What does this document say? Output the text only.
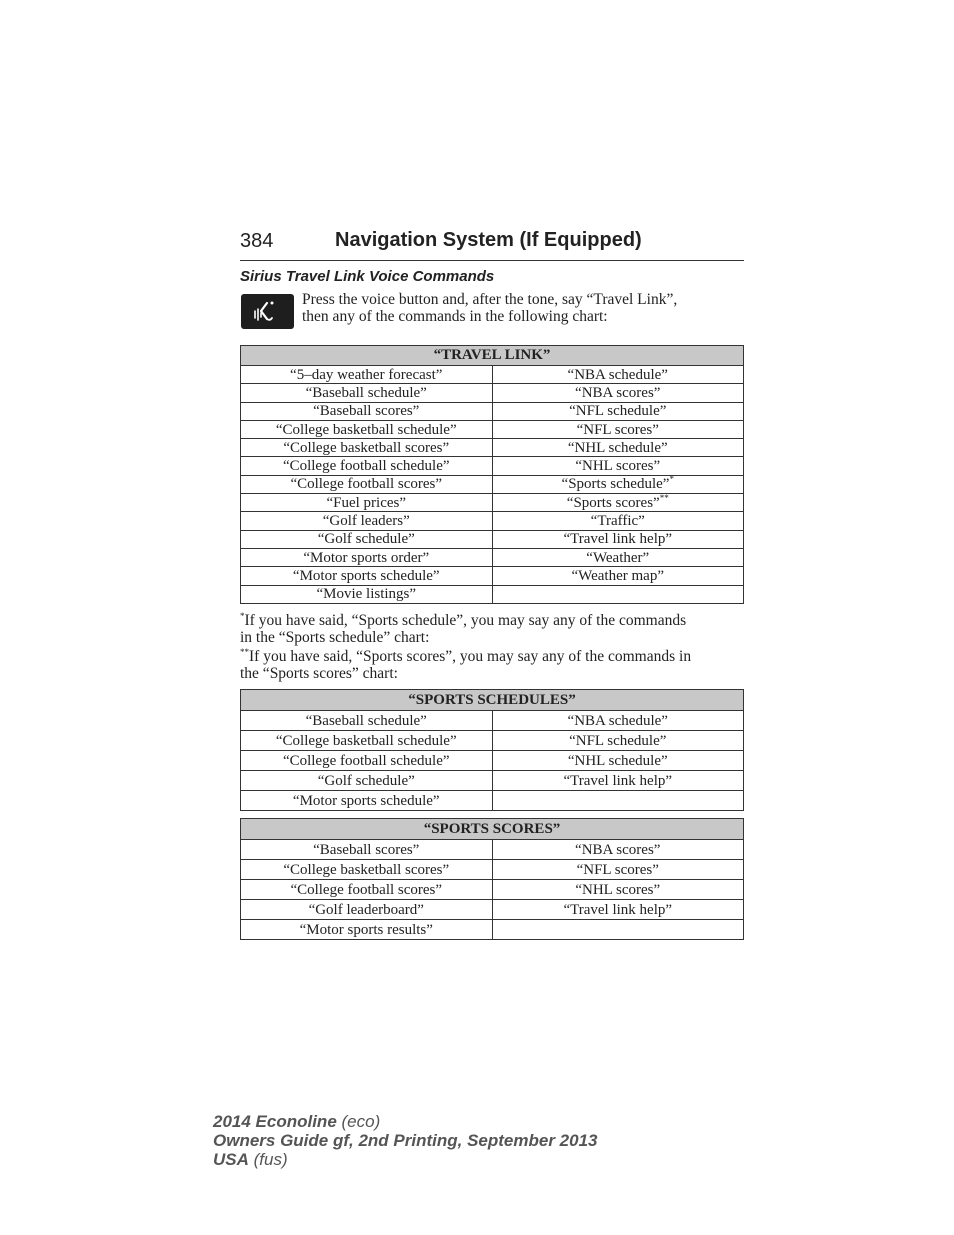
384	Navigation System (If Equipped)
Sirius Travel Link Voice Commands
Press the voice button and, after the tone, say “Travel Link”,
then any of the commands in the following chart:
“TRAVEL LINK”	
“5–day weather forecast”	“NBA schedule”
“Baseball schedule”	“NBA scores”
“Baseball scores”	“NFL schedule”
“College basketball schedule”	“NFL scores”
“College basketball scores”	“NHL schedule”
“College football schedule”	“NHL scores”
“College football scores”	“Sports schedule”*
“Fuel prices”	“Sports scores”**
“Golf leaders”	“Traffic”
“Golf schedule”	“Travel link help”
“Motor sports order”	“Weather”
“Motor sports schedule”	“Weather map”
“Movie listings”	
*If you have said, “Sports schedule”, you may say any of the commands
in the “Sports schedule” chart:
**If you have said, “Sports scores”, you may say any of the commands in
the “Sports scores” chart:
“SPORTS SCHEDULES”	
“Baseball schedule”	“NBA schedule”
“College basketball schedule”	“NFL schedule”
“College football schedule”	“NHL schedule”
“Golf schedule”	“Travel link help”
“Motor sports schedule”	
“SPORTS SCORES”	
“Baseball scores”	“NBA scores”
“College basketball scores”	“NFL scores”
“College football scores”	“NHL scores”
“Golf leaderboard”	“Travel link help”
“Motor sports results”	
2014 Econoline (eco)
Owners Guide gf, 2nd Printing, September 2013
USA (fus)
